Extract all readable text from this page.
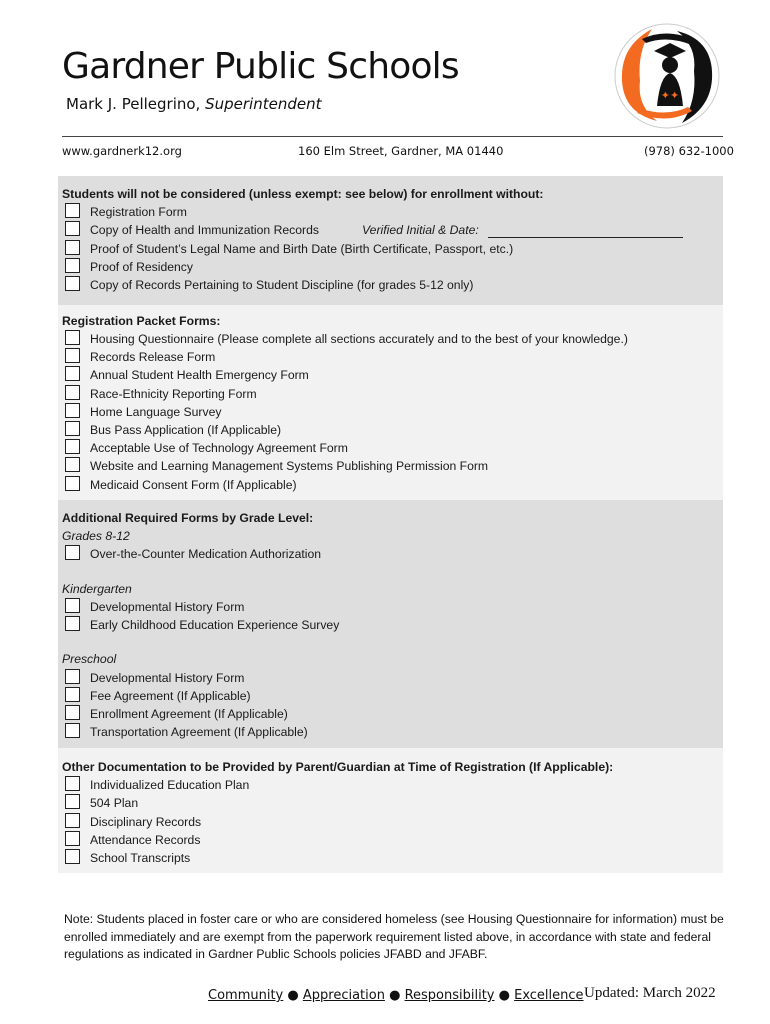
Gardner Public Schools
Mark J. Pellegrino, Superintendent	✦✦
www.gardnerk12.org	160 Elm Street, Gardner, MA 01440	(978) 632-1000
Students will not be considered (unless exempt: see below) for enrollment without:
Registration Form
Copy of Health and Immunization Records	Verified Initial & Date:
Proof of Student’s Legal Name and Birth Date (Birth Certificate, Passport, etc.)
Proof of Residency
Copy of Records Pertaining to Student Discipline (for grades 5-12 only)
Registration Packet Forms:
Housing Questionnaire (Please complete all sections accurately and to the best of your knowledge.)
Records Release Form
Annual Student Health Emergency Form
Race-Ethnicity Reporting Form
Home Language Survey
Bus Pass Application (If Applicable)
Acceptable Use of Technology Agreement Form
Website and Learning Management Systems Publishing Permission Form
Medicaid Consent Form (If Applicable)
Additional Required Forms by Grade Level:
Grades 8-12
Over-the-Counter Medication Authorization
Kindergarten
Developmental History Form
Early Childhood Education Experience Survey
Preschool
Developmental History Form
Fee Agreement (If Applicable)
Enrollment Agreement (If Applicable)
Transportation Agreement (If Applicable)
Other Documentation to be Provided by Parent/Guardian at Time of Registration (If Applicable):
Individualized Education Plan
504 Plan
Disciplinary Records
Attendance Records
School Transcripts
Note: Students placed in foster care or who are considered homeless (see Housing Questionnaire for information) must be enrolled immediately and are exempt from the paperwork requirement listed above, in accordance with state and federal regulations as indicated in Gardner Public Schools policies JFABD and JFABF.
Community ● Appreciation ● Responsibility ● Excellence Updated: March 2022
